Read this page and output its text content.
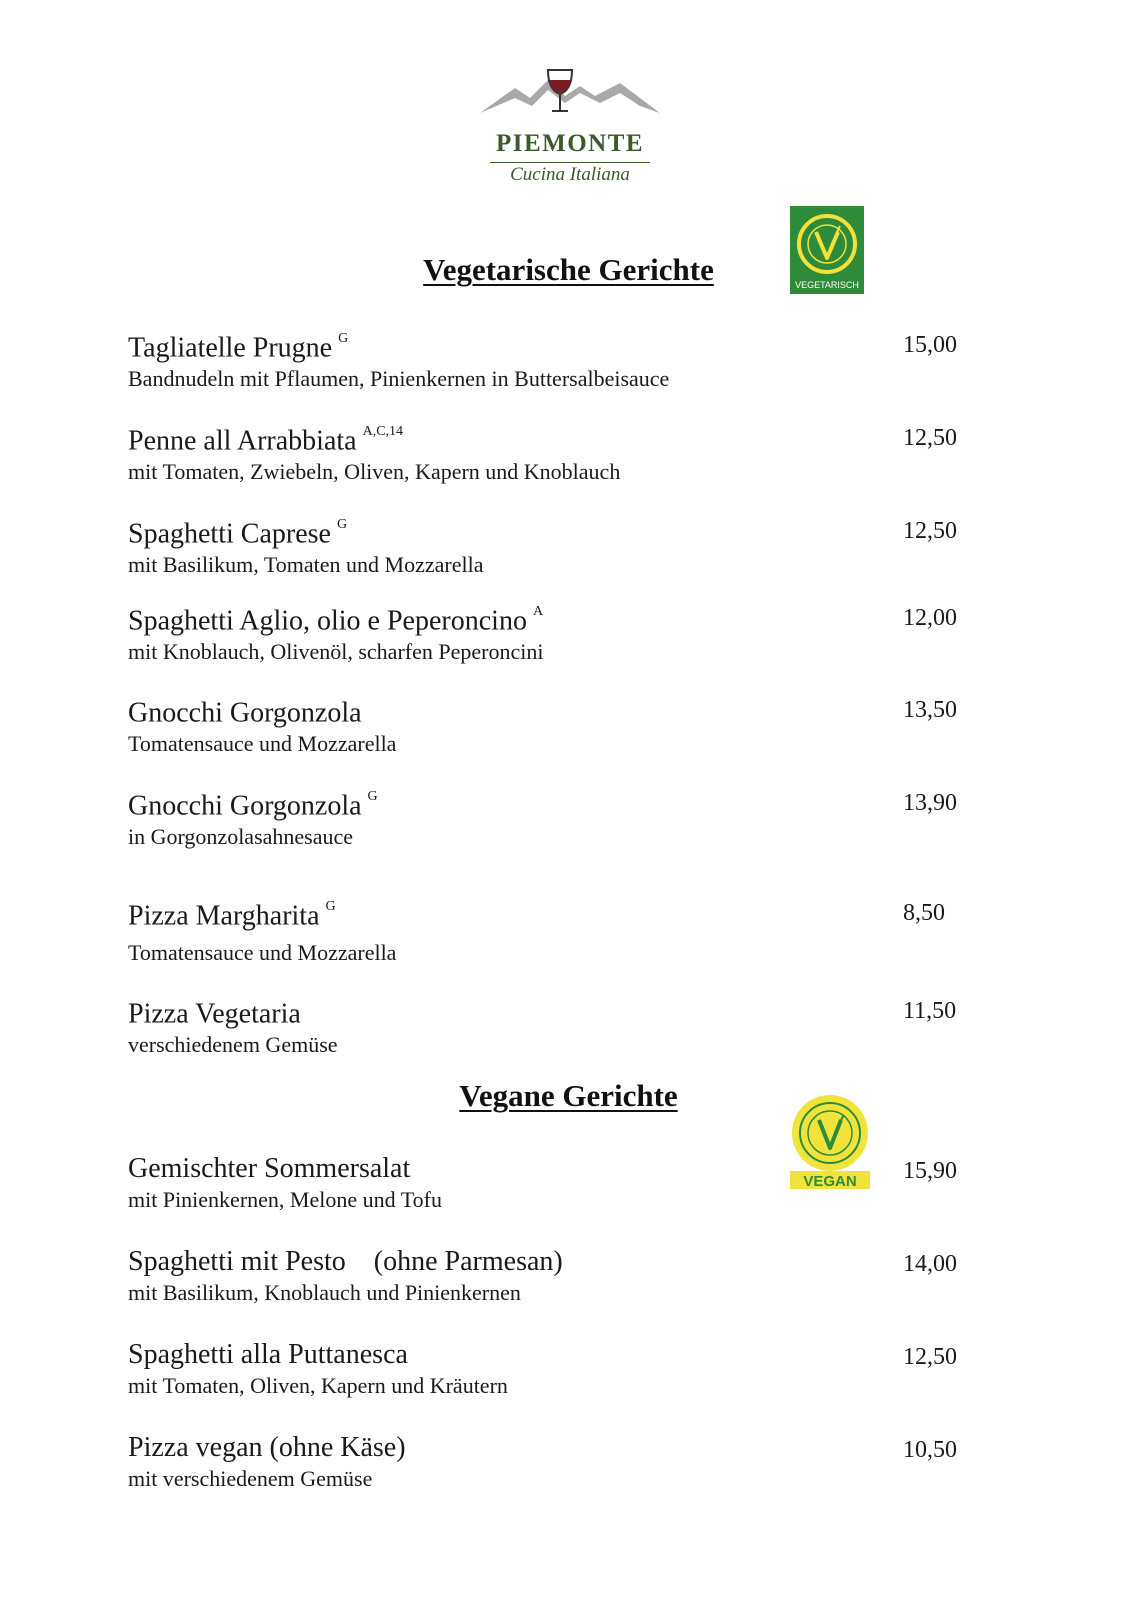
PIEMONTE
Cucina Italiana
Vegetarische Gerichte	VEGETARISCH
Tagliatelle Prugne $^G$
Bandnudeln mit Pflaumen, Pinienkernen in Buttersalbeisauce
15,00
Penne all Arrabbiata $^{A,C,14}$
mit Tomaten, Zwiebeln, Oliven, Kapern und Knoblauch
12,50
Spaghetti Caprese $^G$
mit Basilikum, Tomaten und Mozzarella
12,50
Spaghetti Aglio, olio e Peperoncino $^A$
mit Knoblauch, Olivenöl, scharfen Peperoncini
12,00
Gnocchi Gorgonzola
Tomatensauce und Mozzarella
13,50
Gnocchi Gorgonzola $^G$
in Gorgonzolasahnesauce
13,90
Pizza Margharita $^G$
Tomatensauce und Mozzarella
8,50
Pizza Vegetaria
verschiedenem Gemüse
11,50
Vegane Gerichte
VEGAN
Gemischter Sommersalat
mit Pinienkernen, Melone und Tofu
15,90
Spaghetti mit Pesto    (ohne Parmesan)
mit Basilikum, Knoblauch und Pinienkernen
14,00
Spaghetti alla Puttanesca
mit Tomaten, Oliven, Kapern und Kräutern
12,50
Pizza vegan (ohne Käse)
mit verschiedenem Gemüse
10,50
